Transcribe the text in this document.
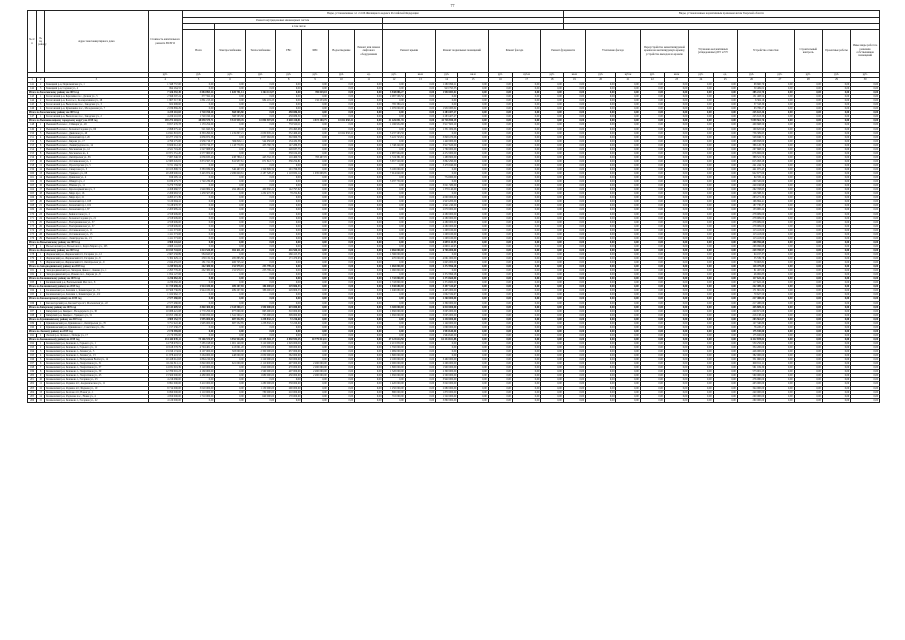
77
№ п/п	№ по району	Адрес многоквартирного дома	Стоимость капитального ремонта ВСЕГО	Виды, установленные ч.1 ст.166 Жилищного кодекса Российской Федерации														Виды, установленные нормативным правовым актом Тверской области											
				Ремонт внутридомовых инженерных систем																									
					в том числе																								
				Всего	Электроснабжение	Теплоснабжение	ГВС	ХВС	Водоотведение	Ремонт или замена лифтового оборудования	Ремонт крыши		Ремонт подвальных помещений		Ремонт фасада		Ремонт фундамента		Утепление фасада		Переустройство невентилируемой крыши на вентилируемую крышу, устройство выходов на кровлю		Установка коллективных (общедомовых) ПУ и УУ		Устройство отмостки		Строительный контроль	Проектные работы	Иные виды работ по решению собственников помещений
			руб.	руб.	руб.	руб.	руб.	руб.	руб.	ед.	руб.	кв.м	руб.	кв.м	руб.	куб.м	руб.	кв.м	руб.	куб.м	руб.	кв.м	руб.	ед.	руб.	руб.	руб.	руб.	руб.
1	2	3	4	5	6	7	8	9	10	11	12	13	14	15	16	17	18	19	20	21	22	23	24	25	26	27	28	29	30
141	2	Бежецкий р-н, Первомайская ул., 1	1 348 757,00	0,00	0,00	0,00	0,00	0,00	0,00	0,00	0,00	0,00	1 280 096,21	0,00	0,00	0,00	0,00	0,00	0,00	0,00	0,00	0,00	0,00	0,00	68 660,79	0,00	0,00	0,00	0,00
142	3	Бежецкий р-н, Садовая ул., 4	994 264,55	0,00	0,00	0,00	0,00	0,00	0,00	0,00	0,00	0,00	943 795,53	0,00	0,00	0,00	0,00	0,00	0,00	0,00	0,00	0,00	0,00	0,00	50 469,02	0,00	0,00	0,00	0,00
Итого по Бологовскому району на 2019 год			7 326 592,49	3 084 893,24	1 020 751,14	1 364 113,07	0,00	700 029,03	0,00	0,00	3 948 886,27	0,00	1 950 083,02	0,00	0,00	0,00	0,00	0,00	0,00	0,00	0,00	0,00	0,00	0,00	385 212,70	0,00	0,00	0,00	0,00
143	1	Бологовский р-н, Березайка пос., Дачная ул., 5	2 596 507,24	377 592,20	0,00	0,00	0,00	0,00	0,00	0,00	2 087 506,50	0,00	0,00	0,00	0,00	0,00	0,00	0,00	0,00	0,00	0,00	0,00	0,00	0,00	131 408,54	0,00	0,00	0,00	0,00
144	2	Бологовский р-н, Бологое г., Кооперативная ул., 28	1 867 517,36	1 861 213,20	0,00	984 219,23	0,00	156 253,09	0,00	0,00	0,00	0,00	0,00	0,00	0,00	0,00	0,00	0,00	0,00	0,00	0,00	0,00	0,00	0,00	6 304,16	0,00	0,00	0,00	0,00
145	3	Бологовский р-н, Выползово пос., Заводская ул., 3	822 698,60	0,00	0,00	0,00	0,00	0,00	0,00	0,00	785 380,24	0,00	0,00	0,00	0,00	0,00	0,00	0,00	0,00	0,00	0,00	0,00	0,00	0,00	37 318,36	0,00	0,00	0,00	0,00
146	4	Бологовский р-н, Куженкино пос., Молодежная ул., 7	2 039 869,29	0,00	0,00	0,00	0,00	0,00	0,00	0,00	1 076 000,00	0,00	1 950 083,02	0,00	0,00	0,00	0,00	0,00	0,00	0,00	0,00	0,00	0,00	0,00	63 786,27	0,00	0,00	0,00	0,00
Итого по Бологовскому району на 2019 год			4 229 210,83	1 720 190,20	568 503,80	0,00	458 086,30	0,00	0,00	0,00	0,00	0,00	2 283 407,27	0,00	0,00	0,00	0,00	0,00	0,00	0,00	0,00	0,00	0,00	0,00	225 613,36	0,00	0,00	0,00	0,00
147	1	Бологовский р-н, Выползово пос., Заводская ул., 2	4 229 210,83	1 720 190,20	568 503,80	0,00	458 086,30	0,00	0,00	0,00	0,00	0,00	2 283 407,27	0,00	0,00	0,00	0,00	0,00	0,00	0,00	0,00	0,00	0,00	0,00	225 613,36	0,00	0,00	0,00	0,00
Итого по Вышневолоцкому городскому округу на 2019 год			139 272 203,01	48 058 579,71	9 515 939,45	10 890 907,09	5 648 410,81	4 873 200,75	10 022 658,41	0,00	31 426 851,35	0,00	42 726 850,19	0,00	0,00	0,00	0,00	0,00	0,00	0,00	0,00	0,00	0,00	0,00	7 059 561,76	0,00	0,00	0,00	0,00
148	1	Вышний Волочек г., 9 Января ул., 26	8 657 476,78	1 133 254,09	0,00	0,00	753 520,11	0,00	0,00	0,00	1 196 954,88	0,00	5 917 600,20	0,00	0,00	0,00	0,00	0,00	0,00	0,00	0,00	0,00	0,00	0,00	409 668,50	0,00	0,00	0,00	0,00
149	2	Вышний Волочек г., Большая Садовая ул., 66	2 098 075,42	521 945,32	0,00	0,00	135 495,08	0,00	0,00	0,00	0,00	0,00	1 331 009,06	0,00	0,00	0,00	0,00	0,00	0,00	0,00	0,00	0,00	0,00	0,00	109 625,96	0,00	0,00	0,00	0,00
150	3	Вышний Волочек г., Двинская ул., 40	14 841 818,05	6 363 290,02	1 219 807,21	2 030 635,22	532 469,49	0,00	10 022 658,41	0,00	3 237 563,58	0,00	0,00	0,00	0,00	0,00	0,00	0,00	0,00	0,00	0,00	0,00	0,00	0,00	756 309,65	0,00	0,00	0,00	0,00
151	4	Вышний Волочек г., Казанский пр-т, 26	10 277 133,74	2 656 972,38	0,00	1 057 062,80	302 960,78	0,00	0,00	0,00	3 222 743,81	0,00	3 848 470,06	0,00	0,00	0,00	0,00	0,00	0,00	0,00	0,00	0,00	0,00	0,00	548 946,71	0,00	0,00	0,00	0,00
152	5	Вышний Волочек г., Кирова ул., 17	4 790 275,00	2 936 716,57	599 826,11	544 950,68	154 432,38	0,00	0,00	0,00	0,00	0,00	1 440 000,00	0,00	0,00	0,00	0,00	0,00	0,00	0,00	0,00	0,00	0,00	0,00	298 658,00	0,00	0,00	0,00	0,00
153	6	Вышний Волочек г., Ленинградское ш., 14	8 829 012,45	2 079 716,37	1 118 770,65	455 760,76	147 286,53	0,00	0,00	0,00	1 748 240,00	0,00	3 917 620,00	0,00	0,00	0,00	0,00	0,00	0,00	0,00	0,00	0,00	0,00	0,00	386 120,78	0,00	0,00	0,00	0,00
154	7	Вышний Волочек г., Московская ул., 12	4 521 719,26	1 527 988,93	0,00	0,00	226 937,75	0,00	0,00	0,00	0,00	0,00	1 760 000,00	0,00	0,00	0,00	0,00	0,00	0,00	0,00	0,00	0,00	0,00	0,00	207 668,52	0,00	0,00	0,00	0,00
155	8	Вышний Волочек г., Московское ш., 4	10 871 551,20	2 577 860,93	0,00	0,00	358 104,29	0,00	0,00	0,00	2 987 904,00	0,00	4 272 000,00	0,00	0,00	0,00	0,00	0,00	0,00	0,00	0,00	0,00	0,00	0,00	676 682,00	0,00	0,00	0,00	0,00
156	9	Вышний Волочек г., Октябрьская ул., 85	7 087 346,33	2 036 635,40	438 786,12	443 552,33	116 460,79	783 407,05	0,00	0,00	1 724 381,00	0,00	1 488 800,00	0,00	0,00	0,00	0,00	0,00	0,00	0,00	0,00	0,00	0,00	0,00	388 521,76	0,00	0,00	0,00	0,00
157	10	Вышний Волочек г., Осташковская ул., 1	12 983 045,81	3 874 597,50	812 937,61	671 812,71	336 254,81	0,00	0,00	0,00	3 657 520,00	0,00	3 862 290,00	0,00	0,00	0,00	0,00	0,00	0,00	0,00	0,00	0,00	0,00	0,00	615 093,28	0,00	0,00	0,00	0,00
158	11	Вышний Волочек г., Пролетарская ул., 5	3 721 184,74	0,00	0,00	0,00	0,00	0,00	0,00	0,00	0,00	0,00	3 479 940,00	0,00	0,00	0,00	0,00	0,00	0,00	0,00	0,00	0,00	0,00	0,00	241 244,74	0,00	0,00	0,00	0,00
159	12	Вышний Волочек г., Сиверсова ул., 3	10 103 898,74	3 383 839,09	546 497,03	1 329 809,59	291 769,58	0,00	0,00	0,00	3 100 000,00	0,00	0,00	0,00	0,00	0,00	0,00	0,00	0,00	0,00	0,00	0,00	0,00	0,00	441 975,43	0,00	0,00	0,00	0,00
160	13	Вышний Волочек г., Урицкого ул., 68	20 268 900,04	5 445 874,24	2 286 620,61	2 187 328,47	1 118 932,14	1 935 608,85	0,00	0,00	7 014 640,00	0,00	0,00	0,00	0,00	0,00	0,00	0,00	0,00	0,00	0,00	0,00	0,00	0,00	922 677,00	0,00	0,00	0,00	0,00
161	14	Вышний Волочек г., Цнинская ул., 4	819 295,14	0,00	0,00	0,00	0,00	0,00	0,00	0,00	0,00	0,00	754 960,00	0,00	0,00	0,00	0,00	0,00	0,00	0,00	0,00	0,00	0,00	0,00	64 335,14	0,00	0,00	0,00	0,00
162	15	Вышний Волочек г., Шмидта ул., 2	6 039 475,75	1 740 239,68	0,00	0,00	0,00	0,00	0,00	0,00	3 037 750,00	0,00	0,00	0,00	0,00	0,00	0,00	0,00	0,00	0,00	0,00	0,00	0,00	0,00	290 345,00	0,00	0,00	0,00	0,00
163	16	Вышний Волочек г., Южная ул., 11	3 270 776,98	0,00	0,00	0,00	0,00	0,00	0,00	0,00	0,00	0,00	3 021 580,00	0,00	0,00	0,00	0,00	0,00	0,00	0,00	0,00	0,00	0,00	0,00	249 196,98	0,00	0,00	0,00	0,00
164	17	Вышний Волочек г., Красноармейская ул., 3	4 458 660,57	1 949 884,21	294 480,49	400 650,22	142 797,02	0,00	0,00	0,00	0,00	0,00	1 378 140,00	0,00	0,00	0,00	0,00	0,00	0,00	0,00	0,00	0,00	0,00	0,00	292 708,63	0,00	0,00	0,00	0,00
165	18	Вышний Волочек г., Мира пр-т, 16	2 266 963,53	1 438 507,68	0,00	1 232 472,70	78 254,84	0,00	0,00	0,00	0,00	0,00	0,00	0,00	0,00	0,00	0,00	0,00	0,00	0,00	0,00	0,00	0,00	0,00	126 588,31	0,00	0,00	0,00	0,00
166	19	Вышний Волочек г., Мира пр-т, 21	4 263 271,39	0,00	0,00	0,00	0,00	0,00	0,00	0,00	0,00	0,00	4 000 000,00	0,00	0,00	0,00	0,00	0,00	0,00	0,00	0,00	0,00	0,00	0,00	263 271,39	0,00	0,00	0,00	0,00
167	20	Вышний Волочек г., Казанский пр-т, 108	3 120 094,41	0,00	0,00	0,00	0,00	0,00	0,00	0,00	0,00	0,00	2 923 200,00	0,00	0,00	0,00	0,00	0,00	0,00	0,00	0,00	0,00	0,00	0,00	196 894,41	0,00	0,00	0,00	0,00
168	21	Вышний Волочек г., Казанский пр-т, 102	3 128 970,37	0,00	0,00	0,00	0,00	0,00	0,00	0,00	0,00	0,00	2 941 240,00	0,00	0,00	0,00	0,00	0,00	0,00	0,00	0,00	0,00	0,00	0,00	187 730,37	0,00	0,00	0,00	0,00
169	22	Вышний Волочек г., Казанский пр-т, 87	2 203 985,24	0,00	0,00	0,00	0,00	0,00	0,00	0,00	0,00	0,00	2 070 000,00	0,00	0,00	0,00	0,00	0,00	0,00	0,00	0,00	0,00	0,00	0,00	133 985,24	0,00	0,00	0,00	0,00
170	23	Вышний Волочек г., Бейшлотская ул., 2	4 558 909,00	0,00	0,00	0,00	0,00	0,00	0,00	0,00	0,00	0,00	4 280 000,00	0,00	0,00	0,00	0,00	0,00	0,00	0,00	0,00	0,00	0,00	0,00	278 909,00	0,00	0,00	0,00	0,00
171	24	Вышний Волочек г., Большая Садовая ул., 21	4 558 909,00	0,00	0,00	0,00	0,00	0,00	0,00	0,00	0,00	0,00	4 280 000,00	0,00	0,00	0,00	0,00	0,00	0,00	0,00	0,00	0,00	0,00	0,00	278 909,00	0,00	0,00	0,00	0,00
172	25	Вышний Волочек г., Екатерининская ул., 37	4 558 909,00	0,00	0,00	0,00	0,00	0,00	0,00	0,00	0,00	0,00	4 280 000,00	0,00	0,00	0,00	0,00	0,00	0,00	0,00	0,00	0,00	0,00	0,00	278 909,00	0,00	0,00	0,00	0,00
173	26	Вышний Волочек г., Екатерининская ул., 37	4 558 909,00	0,00	0,00	0,00	0,00	0,00	0,00	0,00	0,00	0,00	4 280 000,00	0,00	0,00	0,00	0,00	0,00	0,00	0,00	0,00	0,00	0,00	0,00	278 909,00	0,00	0,00	0,00	0,00
174	27	Вышний Волочек г., Осташковская ул., 11	1 411 573,00	0,00	0,00	0,00	0,00	0,00	0,00	0,00	0,00	0,00	1 298 160,00	0,00	0,00	0,00	0,00	0,00	0,00	0,00	0,00	0,00	0,00	0,00	113 413,00	0,00	0,00	0,00	0,00
175	28	Вышний Волочек г., Осташковская ул., 15	1 411 573,00	0,00	0,00	0,00	0,00	0,00	0,00	0,00	0,00	0,00	1 298 160,00	0,00	0,00	0,00	0,00	0,00	0,00	0,00	0,00	0,00	0,00	0,00	113 413,00	0,00	0,00	0,00	0,00
176	29	Вышний Волочек г., Лениградское ш., 13	1 411 573,00	0,00	0,00	0,00	0,00	0,00	0,00	0,00	0,00	0,00	1 298 160,00	0,00	0,00	0,00	0,00	0,00	0,00	0,00	0,00	0,00	0,00	0,00	113 413,00	0,00	0,00	0,00	0,00
Итого по Весьегонскому району на 2019 год			4 968 141,63	0,00	0,00	0,00	0,00	0,00	0,00	0,00	0,00	0,00	4 699 144,95	0,00	0,00	0,00	0,00	0,00	0,00	0,00	0,00	0,00	0,00	0,00	268 996,68	0,00	0,00	0,00	0,00
177	1	Весьегонский р-н, Весьегонск г., Карла Маркса ул., 105	4 968 141,63	0,00	0,00	0,00	0,00	0,00	0,00	0,00	0,00	0,00	4 699 144,95	0,00	0,00	0,00	0,00	0,00	0,00	0,00	0,00	0,00	0,00	0,00	268 996,68	0,00	0,00	0,00	0,00
Итого по Жарковскому району на 2019 год			10 013 743,03	1 024 520,09	692 611,28	0,00	416 500,10	0,00	0,00	0,00	2 066 000,00	0,00	6 706 000,00	0,00	0,00	0,00	0,00	0,00	0,00	0,00	0,00	0,00	0,00	0,00	229 700,97	0,00	0,00	0,00	0,00
178	1	Жарковский р-н, Жарковский пгт, Гагарина ул., 12	2 667 258,89	584 645,97	0,00	0,00	266 415,55	0,00	0,00	0,00	1 596 000,00	0,00	0,00	0,00	0,00	0,00	0,00	0,00	0,00	0,00	0,00	0,00	0,00	0,00	94 197,37	0,00	0,00	0,00	0,00
179	2	Жарковский р-н, Жарковский пгт, Гагарина ул., 8	5 302 029,11	258 132,54	285 885,86	0,00	171 470,93	0,00	0,00	0,00	470 000,00	0,00	4 061 000,00	0,00	0,00	0,00	0,00	0,00	0,00	0,00	0,00	0,00	0,00	0,00	55 539,78	0,00	0,00	0,00	0,00
180	3	Жарковский р-н, Жарковский пгт, Октябрьская ул., 9	2 044 455,03	181 741,58	406 725,42	0,00	0,00	0,00	0,00	0,00	0,00	0,00	2 645 000,00	0,00	0,00	0,00	0,00	0,00	0,00	0,00	0,00	0,00	0,00	0,00	79 963,82	0,00	0,00	0,00	0,00
Итого по Западнодвинскому району на 2019 год			4 249 903,26	262 380,90	152 979,01	253 799,24	0,00	0,00	0,00	0,00	1 060 800,00	0,00	2 372 896,28	0,00	0,00	0,00	0,00	0,00	0,00	0,00	0,00	0,00	0,00	0,00	128 479,89	0,00	0,00	0,00	0,00
181	1	Западнодвинский р-н, Западная Двина г., Ленина ул., 1	2 295 776,20	262 380,90	152 979,01	253 799,24	0,00	0,00	0,00	0,00	1 060 800,00	0,00	0,00	0,00	0,00	0,00	0,00	0,00	0,00	0,00	0,00	0,00	0,00	0,00	81 497,06	0,00	0,00	0,00	0,00
182	2	Западнодвинский р-н, Ильино пос., Кирова ул., 8	1 954 127,06	0,00	0,00	0,00	0,00	0,00	0,00	0,00	0,00	0,00	2 372 896,28	0,00	0,00	0,00	0,00	0,00	0,00	0,00	0,00	0,00	0,00	0,00	46 982,83	0,00	0,00	0,00	0,00
Итого по Калининскому району на 2019 год			4 236 082,26	0,00	0,00	0,00	0,00	0,00	0,00	0,00	1 743 800,00	0,00	2 374 660,00	0,00	0,00	0,00	0,00	0,00	0,00	0,00	0,00	0,00	0,00	0,00	117 622,26	0,00	0,00	0,00	0,00
183	1	Калининский р-н, Васильевский Мох пос., 8	4 236 082,26	0,00	0,00	0,00	0,00	0,00	0,00	0,00	1 743 800,00	0,00	2 374 660,00	0,00	0,00	0,00	0,00	0,00	0,00	0,00	0,00	0,00	0,00	0,00	117 622,26	0,00	0,00	0,00	0,00
Итого по Калязинскому району на 2019 год			11 729 698,26	2 944 180,00	489 207,69	386 000,03	229 806,53	0,00	0,00	0,00	1 940 680,00	0,00	5 497 334,67	0,00	0,00	0,00	0,00	0,00	0,00	0,00	0,00	0,00	0,00	0,00	242 489,34	0,00	0,00	0,00	0,00
184	1	Калязинский р-н, Калязин г., Коминтерна ул., 74	10 566 736,09	2 944 180,00	489 207,69	386 000,03	229 806,53	0,00	0,00	0,00	1 940 680,00	0,00	4 405 000,00	0,00	0,00	0,00	0,00	0,00	0,00	0,00	0,00	0,00	0,00	0,00	171 861,84	0,00	0,00	0,00	0,00
185	2	Калязинский р-н, Калязин г., Коминтерна ул., 2/2	1 162 962,17	0,00	0,00	0,00	0,00	0,00	0,00	0,00	0,00	0,00	1 092 334,67	0,00	0,00	0,00	0,00	0,00	0,00	0,00	0,00	0,00	0,00	0,00	70 627,50	0,00	0,00	0,00	0,00
Итого по Кесовогорскому району на 2019 год			2 577 480,00	0,00	0,00	0,00	0,00	0,00	0,00	0,00	0,00	0,00	2 360 000,00	0,00	0,00	0,00	0,00	0,00	0,00	0,00	0,00	0,00	0,00	0,00	217 480,00	0,00	0,00	0,00	0,00
186	1	Кесовогорский р-н, Кесова Гора пгт, Московская ул., 22	2 577 480,00	0,00	0,00	0,00	0,00	0,00	0,00	0,00	0,00	0,00	2 360 000,00	0,00	0,00	0,00	0,00	0,00	0,00	0,00	0,00	0,00	0,00	0,00	217 480,00	0,00	0,00	0,00	0,00
Итого по Кимрскому району на 2019 год			20 143 609,53	5 860 300,00	2 318 500,21	1 590 000,00	619 000,00	0,00	0,00	0,00	3 300 000,00	0,00	6 010 000,00	0,00	0,00	0,00	0,00	0,00	0,00	0,00	0,00	0,00	0,00	0,00	445 809,32	0,00	0,00	0,00	0,00
187	1	Кимрский р-н, Кимры г., Володарского ул., 30	10 088 421,08	2 770 250,00	977 000,00	865 000,00	310 000,00	0,00	0,00	0,00	1 650 000,00	0,00	3 005 000,00	0,00	0,00	0,00	0,00	0,00	0,00	0,00	0,00	0,00	0,00	0,00	229 671,08	0,00	0,00	0,00	0,00
188	2	Кимрский р-н, Кимры г., Урицкого ул., 51	10 055 188,45	3 090 050,00	1 341 500,21	725 000,00	309 000,00	0,00	0,00	0,00	1 650 000,00	0,00	3 005 000,00	0,00	0,00	0,00	0,00	0,00	0,00	0,00	0,00	0,00	0,00	0,00	216 138,24	0,00	0,00	0,00	0,00
Итого по Кувшиновскому району на 2019 год			4 909 152,73	1 995 000,00	687 532,85	1 238 832,21	72 226,60	0,00	0,00	0,00	0,00	0,00	2 230 000,00	0,00	0,00	0,00	0,00	0,00	0,00	0,00	0,00	0,00	0,00	0,00	203 561,07	0,00	0,00	0,00	0,00
189	1	Кувшиновский р-н, Кувшиново г., Октябрьская ул., 70	3 751 922,46	1 995 000,00	687 532,85	1 238 832,21	72 226,60	0,00	0,00	0,00	0,00	0,00	1 140 000,00	0,00	0,00	0,00	0,00	0,00	0,00	0,00	0,00	0,00	0,00	0,00	127 340,80	0,00	0,00	0,00	0,00
190	2	Кувшиновский р-н, Кувшиново г., Советская ул., 23а	1 157 230,27	0,00	0,00	0,00	0,00	0,00	0,00	0,00	0,00	0,00	1 090 000,00	0,00	0,00	0,00	0,00	0,00	0,00	0,00	0,00	0,00	0,00	0,00	76 220,27	0,00	0,00	0,00	0,00
Итого по Лесному району на 2019 год			2 170 585,00	0,00	0,00	0,00	0,00	0,00	0,00	0,00	0,00	0,00	1 994 640,00	0,00	0,00	0,00	0,00	0,00	0,00	0,00	0,00	0,00	0,00	0,00	175 945,00	0,00	0,00	0,00	0,00
191	1	Лесной р-н, Лесное с., Победы ул., 17	2 170 585,00	0,00	0,00	0,00	0,00	0,00	0,00	0,00	0,00	0,00	1 994 640,00	0,00	0,00	0,00	0,00	0,00	0,00	0,00	0,00	0,00	0,00	0,00	175 945,00	0,00	0,00	0,00	0,00
Итого по Конаковскому району на 2019 год			231 440 039,11	75 166 574,07	3 952 944,06	22 155 504,17	4 830 932,25	10 779 014,41	0,00	0,00	47 123 614,58	0,00	61 234 651,88	0,00	0,00	0,00	0,00	0,00	0,00	0,00	0,00	0,00	0,00	0,00	6 412 878,02	0,00	0,00	0,00	0,00
192	1	Конаковский р-н, Конаково г., Горького ул., 1	14 758 678,01	7 285 018,90	1 001 140,00	3 120 000,00	1 029 000,00	0,00	0,00	0,00	2 215 850,00	0,00	0,00	0,00	0,00	0,00	0,00	0,00	0,00	0,00	0,00	0,00	0,00	0,00	530 250,00	0,00	0,00	0,00	0,00
193	2	Конаковский р-н, Конаково г., Горького ул., 11	10 618 578,79	4 794 481,17	413 091,20	1 970 000,00	508 000,00	0,00	0,00	0,00	1 550 000,00	0,00	0,00	0,00	0,00	0,00	0,00	0,00	0,00	0,00	0,00	0,00	0,00	0,00	334 200,00	0,00	0,00	0,00	0,00
194	3	Конаковский р-н, Конаково г., Ленина ул., 5	13 196 174,04	6 107 000,00	503 000,00	2 300 000,00	637 000,00	0,00	0,00	0,00	1 969 000,00	0,00	0,00	0,00	0,00	0,00	0,00	0,00	0,00	0,00	0,00	0,00	0,00	0,00	426 000,00	0,00	0,00	0,00	0,00
195	4	Конаковский р-н, Конаково г., Ленина ул., 13	11 978 418,53	5 264 000,00	448 000,00	2 030 000,00	562 000,00	0,00	0,00	0,00	1 800 000,00	0,00	0,00	0,00	0,00	0,00	0,00	0,00	0,00	0,00	0,00	0,00	0,00	0,00	382 000,00	0,00	0,00	0,00	0,00
196	5	Конаковский р-н, Конаково г., Набережная Волги ул., 14	10 418 012,63	2 864 210,00	0,00	1 120 000,00	320 000,00	0,00	0,00	0,00	2 100 000,00	0,00	3 460 000,00	0,00	0,00	0,00	0,00	0,00	0,00	0,00	0,00	0,00	0,00	0,00	351 960,00	0,00	0,00	0,00	0,00
197	6	Конаковский р-н, Конаково г., Энергетиков ул., 31	16 224 811,11	5 840 000,00	621 000,00	2 110 000,00	497 000,00	2 260 000,00	0,00	0,00	2 000 000,00	0,00	2 296 000,00	0,00	0,00	0,00	0,00	0,00	0,00	0,00	0,00	0,00	0,00	0,00	600 811,11	0,00	0,00	0,00	0,00
198	7	Конаковский р-н, Конаково г., Энергетиков ул., 37	14 031 019,39	5 120 000,00	0,00	1 920 000,00	470 000,00	2 260 000,00	0,00	0,00	1 800 000,00	0,00	1 900 000,00	0,00	0,00	0,00	0,00	0,00	0,00	0,00	0,00	0,00	0,00	0,00	561 019,39	0,00	0,00	0,00	0,00
199	8	Конаковский р-н, Конаково г., Энергетиков ул., 39	12 780 001,23	4 160 000,00	0,00	1 560 000,00	407 000,00	2 260 000,00	0,00	0,00	1 520 000,00	0,00	2 300 000,00	0,00	0,00	0,00	0,00	0,00	0,00	0,00	0,00	0,00	0,00	0,00	573 001,23	0,00	0,00	0,00	0,00
200	9	Конаковский р-н, Конаково г., Энергетиков ул., 43	13 560 000,00	4 480 000,00	0,00	1 680 000,00	430 000,00	2 260 000,00	0,00	0,00	1 650 000,00	0,00	2 500 000,00	0,00	0,00	0,00	0,00	0,00	0,00	0,00	0,00	0,00	0,00	0,00	560 000,00	0,00	0,00	0,00	0,00
201	10	Конаковский р-н, Конаково г., Гагарина ул., 23	4 216 080,00	0,00	0,00	0,00	0,00	0,00	0,00	0,00	0,00	0,00	3 940 000,00	0,00	0,00	0,00	0,00	0,00	0,00	0,00	0,00	0,00	0,00	0,00	276 080,00	0,00	0,00	0,00	0,00
202	11	Конаковский р-н, Редкино пгт, Академическая ул., 11	9 891 000,00	3 410 000,00	0,00	1 280 000,00	338 000,00	0,00	0,00	0,00	1 420 000,00	0,00	3 040 000,00	0,00	0,00	0,00	0,00	0,00	0,00	0,00	0,00	0,00	0,00	0,00	403 000,00	0,00	0,00	0,00	0,00
203	12	Конаковский р-н, Редкино пгт, Фадеева ул., 10	8 714 000,00	3 020 000,00	0,00	1 130 000,00	290 000,00	0,00	0,00	0,00	1 250 000,00	0,00	2 680 000,00	0,00	0,00	0,00	0,00	0,00	0,00	0,00	0,00	0,00	0,00	0,00	344 000,00	0,00	0,00	0,00	0,00
204	13	Конаковский р-н, Козлово пгт, Новая ул., 1	6 090 000,00	2 110 000,00	0,00	780 000,00	210 000,00	0,00	0,00	0,00	880 000,00	0,00	1 870 000,00	0,00	0,00	0,00	0,00	0,00	0,00	0,00	0,00	0,00	0,00	0,00	240 000,00	0,00	0,00	0,00	0,00
205	14	Конаковский р-н, Радченко пос., Новая ул., 4	4 950 000,00	1 710 000,00	0,00	640 000,00	170 000,00	0,00	0,00	0,00	710 000,00	0,00	1 520 000,00	0,00	0,00	0,00	0,00	0,00	0,00	0,00	0,00	0,00	0,00	0,00	200 000,00	0,00	0,00	0,00	0,00
206	15	Конаковский р-н, Конаково г., Гагарина ул., 42	4 120 000,00	0,00	0,00	0,00	0,00	0,00	0,00	0,00	0,00	0,00	3 860 000,00	0,00	0,00	0,00	0,00	0,00	0,00	0,00	0,00	0,00	0,00	0,00	260 000,00	0,00	0,00	0,00	0,00
